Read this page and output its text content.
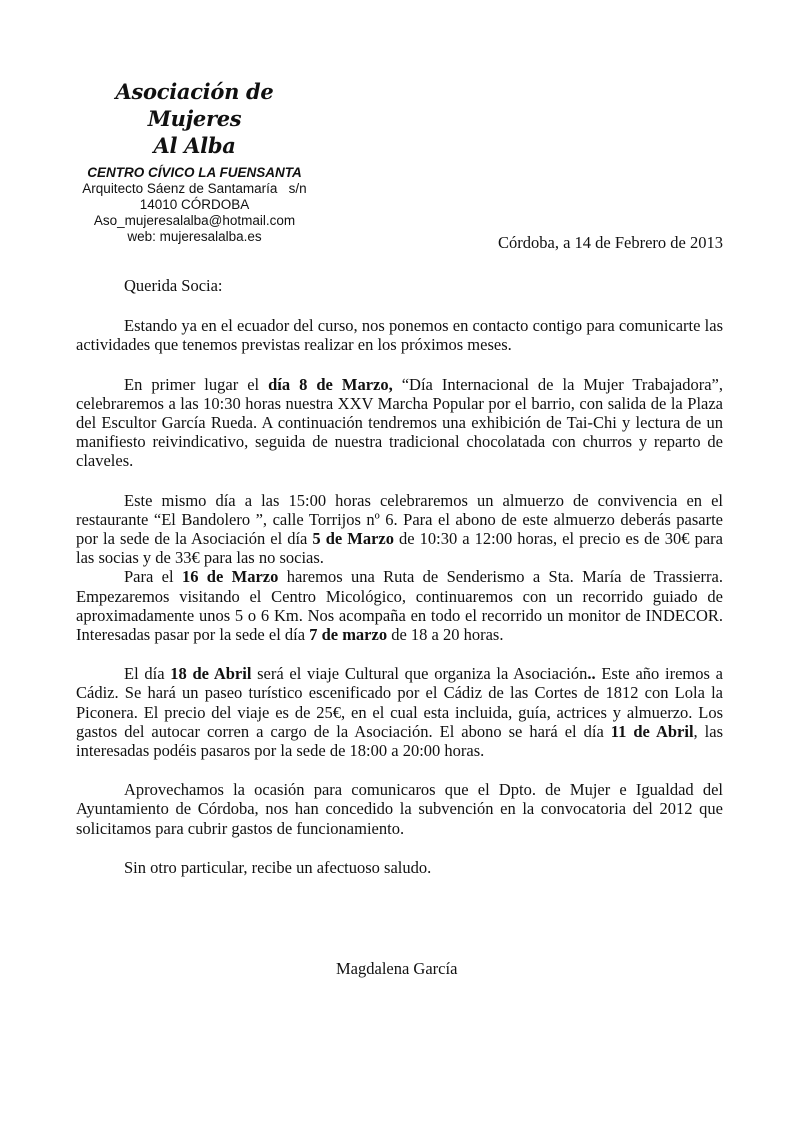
Asociación de Mujeres
Al Alba
CENTRO CÍVICO LA FUENSANTA
Arquitecto Sáenz de Santamaría   s/n
14010 CÓRDOBA
Aso_mujeresalalba@hotmail.com
web: mujeresalalba.es	Córdoba, a 14 de Febrero de 2013

Querida Socia:

Estando ya en el ecuador del curso, nos ponemos en contacto contigo para comunicarte las actividades que tenemos previstas realizar en los próximos meses.

En primer lugar el día 8 de Marzo, “Día Internacional de la Mujer Trabajadora”, celebraremos a las 10:30 horas nuestra XXV Marcha Popular por el barrio, con salida de la Plaza del Escultor García Rueda. A continuación tendremos una exhibición de Tai-Chi y lectura de un manifiesto reivindicativo, seguida de nuestra tradicional chocolatada con churros y reparto de claveles.

Este mismo día a las 15:00 horas celebraremos un almuerzo de convivencia en el restaurante “El Bandolero ”, calle Torrijos nº 6. Para el abono de este almuerzo deberás pasarte por la sede de la Asociación el día 5 de Marzo de 10:30 a 12:00 horas, el precio es de 30€ para las socias y de 33€ para las no socias.

Para el 16 de Marzo haremos una Ruta de Senderismo a Sta. María de Trassierra. Empezaremos visitando el Centro Micológico, continuaremos con un recorrido guiado de aproximadamente unos 5 o 6 Km. Nos acompaña en todo el recorrido un monitor de INDECOR. Interesadas pasar por la sede el día 7 de marzo de 18 a 20 horas.

El día 18 de Abril será el viaje Cultural que organiza la Asociación.. Este año iremos a Cádiz. Se hará un paseo turístico escenificado por el Cádiz de las Cortes de 1812 con Lola la Piconera. El precio del viaje es de 25€, en el cual esta incluida, guía, actrices y almuerzo. Los gastos del autocar corren a cargo de la Asociación. El abono se hará el día 11 de Abril, las interesadas podéis pasaros por la sede de 18:00 a 20:00 horas.

Aprovechamos la ocasión para comunicaros que el Dpto. de Mujer e Igualdad del Ayuntamiento de Córdoba, nos han concedido la subvención en la convocatoria del 2012 que solicitamos para cubrir gastos de funcionamiento.

Sin otro particular, recibe un afectuoso saludo.

Magdalena García
